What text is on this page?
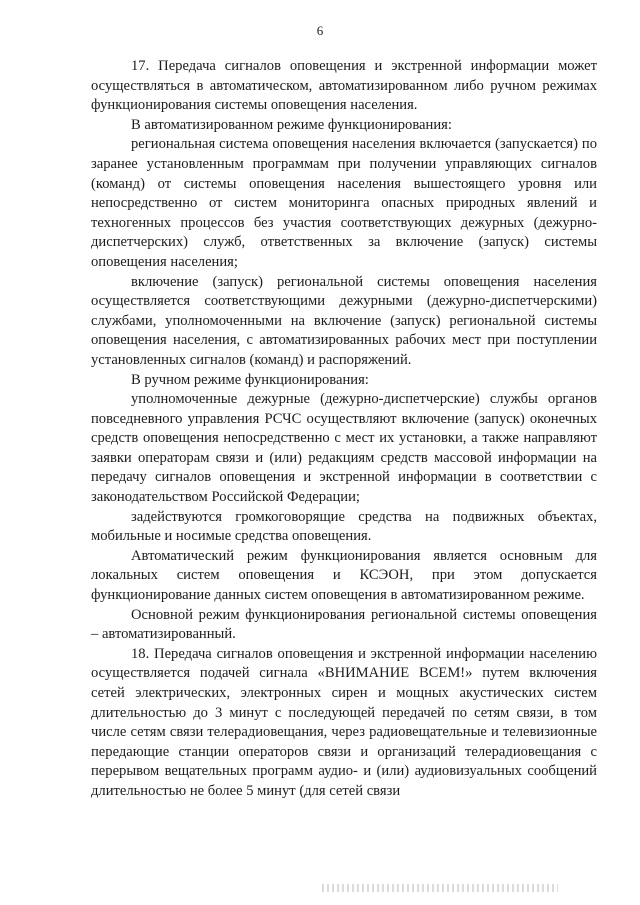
6

17. Передача сигналов оповещения и экстренной информации может осуществляться в автоматическом, автоматизированном либо ручном режимах функционирования системы оповещения населения.

В автоматизированном режиме функционирования:

региональная система оповещения населения включается (запускается) по заранее установленным программам при получении управляющих сигналов (команд) от системы оповещения населения вышестоящего уровня или непосредственно от систем мониторинга опасных природных явлений и техногенных процессов без участия соответствующих дежурных (дежурно-диспетчерских) служб, ответственных за включение (запуск) системы оповещения населения;

включение (запуск) региональной системы оповещения населения осуществляется соответствующими дежурными (дежурно-диспетчерскими) службами, уполномоченными на включение (запуск) региональной системы оповещения населения, с автоматизированных рабочих мест при поступлении установленных сигналов (команд) и распоряжений.

В ручном режиме функционирования:

уполномоченные дежурные (дежурно-диспетчерские) службы органов повседневного управления РСЧС осуществляют включение (запуск) оконечных средств оповещения непосредственно с мест их установки, а также направляют заявки операторам связи и (или) редакциям средств массовой информации на передачу сигналов оповещения и экстренной информации в соответствии с законодательством Российской Федерации;

задействуются громкоговорящие средства на подвижных объектах, мобильные и носимые средства оповещения.

Автоматический режим функционирования является основным для локальных систем оповещения и КСЭОН, при этом допускается функционирование данных систем оповещения в автоматизированном режиме.

Основной режим функционирования региональной системы оповещения – автоматизированный.

18. Передача сигналов оповещения и экстренной информации населению осуществляется подачей сигнала «ВНИМАНИЕ ВСЕМ!» путем включения сетей электрических, электронных сирен и мощных акустических систем длительностью до 3 минут с последующей передачей по сетям связи, в том числе сетям связи телерадиовещания, через радиовещательные и телевизионные передающие станции операторов связи и организаций телерадиовещания с перерывом вещательных программ аудио- и (или) аудиовизуальных сообщений длительностью не более 5 минут (для сетей связи
